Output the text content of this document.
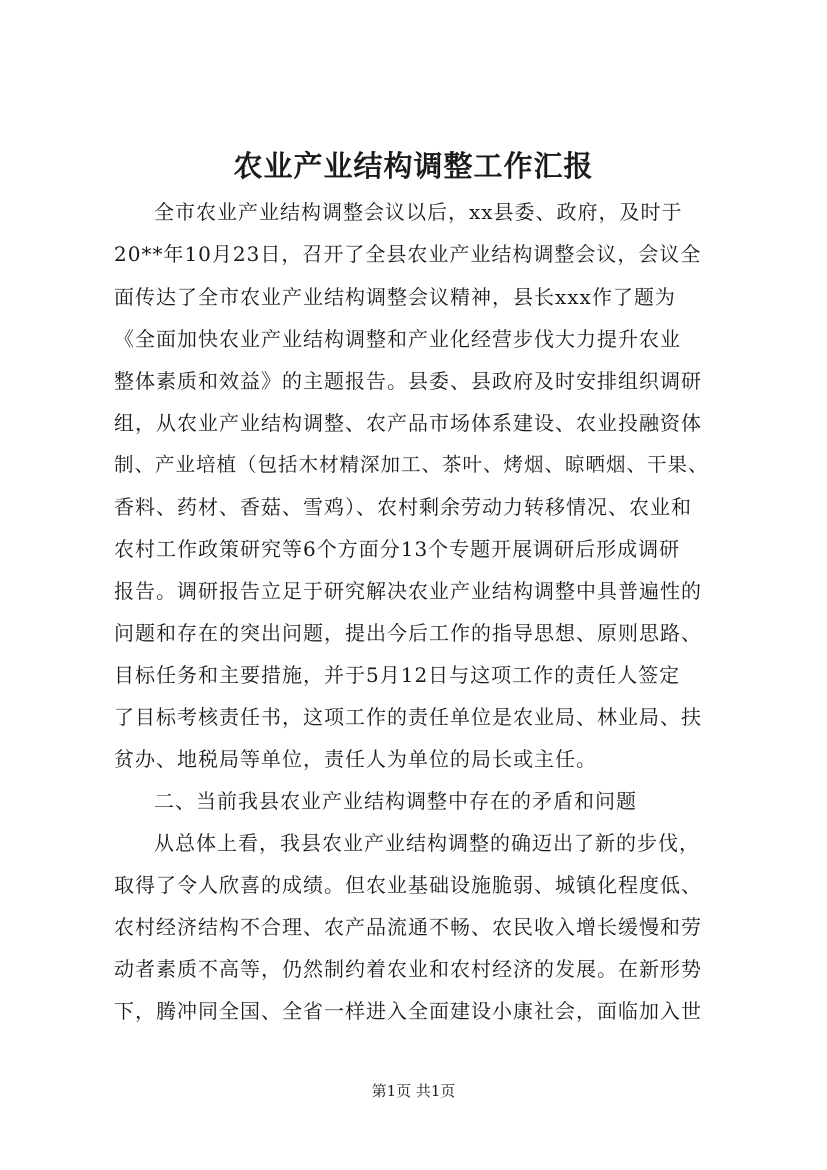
农业产业结构调整工作汇报
全市农业产业结构调整会议以后，xx县委、政府，及时于
20**年10月23日，召开了全县农业产业结构调整会议，会议全
面传达了全市农业产业结构调整会议精神，县长xxx作了题为
《全面加快农业产业结构调整和产业化经营步伐大力提升农业
整体素质和效益》的主题报告。县委、县政府及时安排组织调研
组，从农业产业结构调整、农产品市场体系建设、农业投融资体
制、产业培植（包括木材精深加工、茶叶、烤烟、晾晒烟、干果、
香料、药材、香菇、雪鸡）、农村剩余劳动力转移情况、农业和
农村工作政策研究等6个方面分13个专题开展调研后形成调研
报告。调研报告立足于研究解决农业产业结构调整中具普遍性的
问题和存在的突出问题，提出今后工作的指导思想、原则思路、
目标任务和主要措施，并于5月12日与这项工作的责任人签定
了目标考核责任书，这项工作的责任单位是农业局、林业局、扶
贫办、地税局等单位，责任人为单位的局长或主任。
二、当前我县农业产业结构调整中存在的矛盾和问题
从总体上看，我县农业产业结构调整的确迈出了新的步伐，
取得了令人欣喜的成绩。但农业基础设施脆弱、城镇化程度低、
农村经济结构不合理、农产品流通不畅、农民收入增长缓慢和劳
动者素质不高等，仍然制约着农业和农村经济的发展。在新形势
下，腾冲同全国、全省一样进入全面建设小康社会，面临加入世
第1页 共1页
